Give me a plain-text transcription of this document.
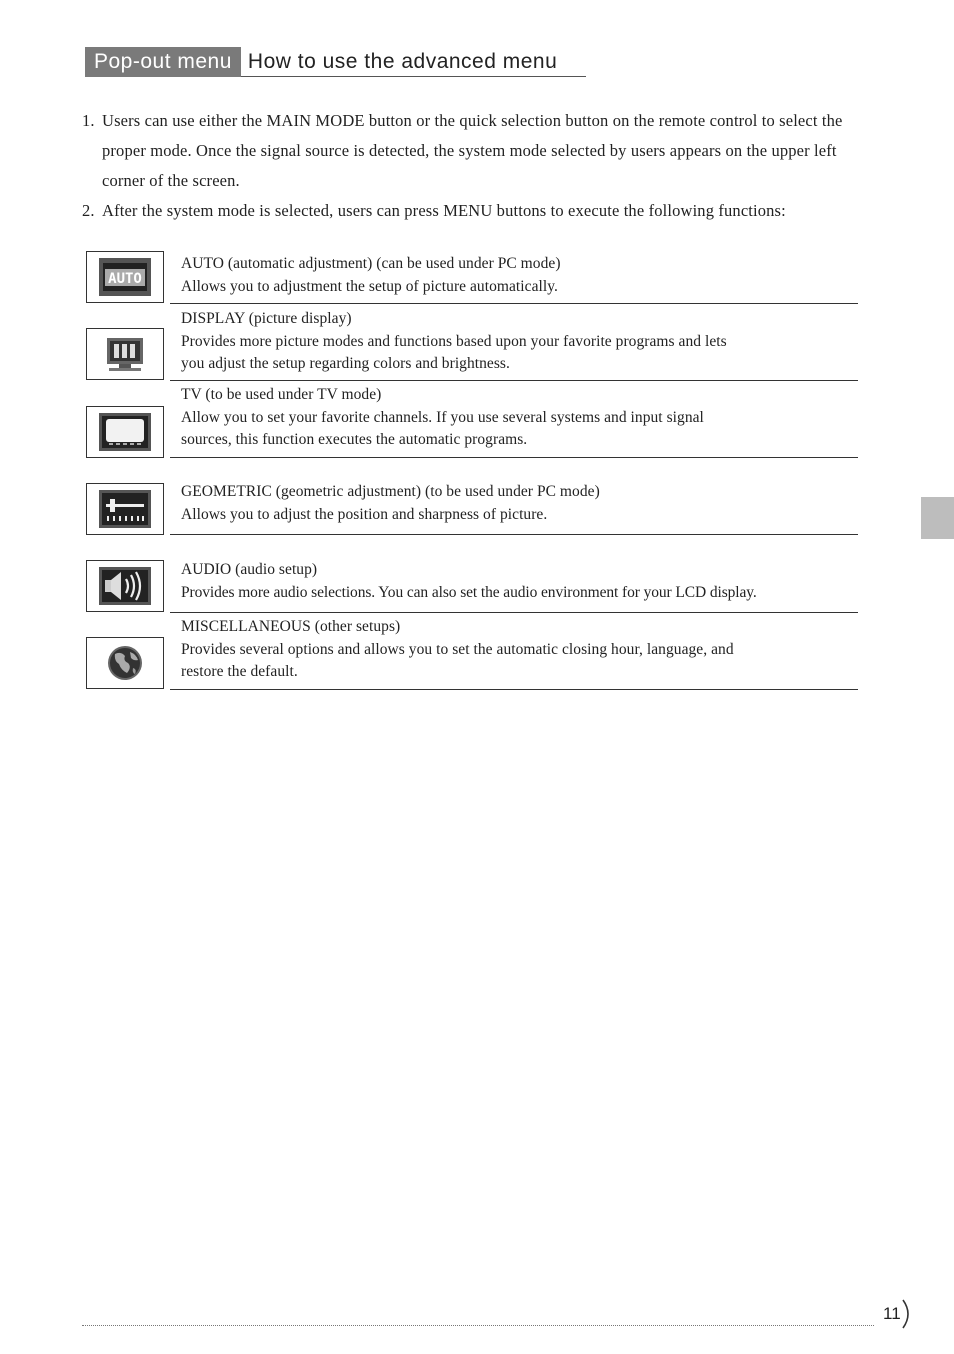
Pop-out menu How to use the advanced menu
1. Users can use either the MAIN MODE button or the quick selection button on the remote control to select the proper mode. Once the signal source is detected, the system mode selected by users appears on the upper left corner of the screen.
2. After the system mode is selected, users can press MENU buttons to execute the following functions:
AUTO
AUTO (automatic adjustment) (can be used under PC mode)
Allows you to adjustment the setup of picture automatically.
DISPLAY (picture display)
Provides more picture modes and functions based upon your favorite programs and lets
you adjust the setup regarding colors and brightness.
TV (to be used under TV mode)
Allow you to set your favorite channels. If you use several systems and input signal
sources, this function executes the automatic programs.
GEOMETRIC (geometric adjustment) (to be used under PC mode)
Allows you to adjust the position and sharpness of picture.
AUDIO (audio setup)
Provides more audio selections. You can also set the audio environment for your LCD display.
MISCELLANEOUS (other setups)
Provides several options and allows you to set the automatic closing hour, language, and
restore the default.
11
